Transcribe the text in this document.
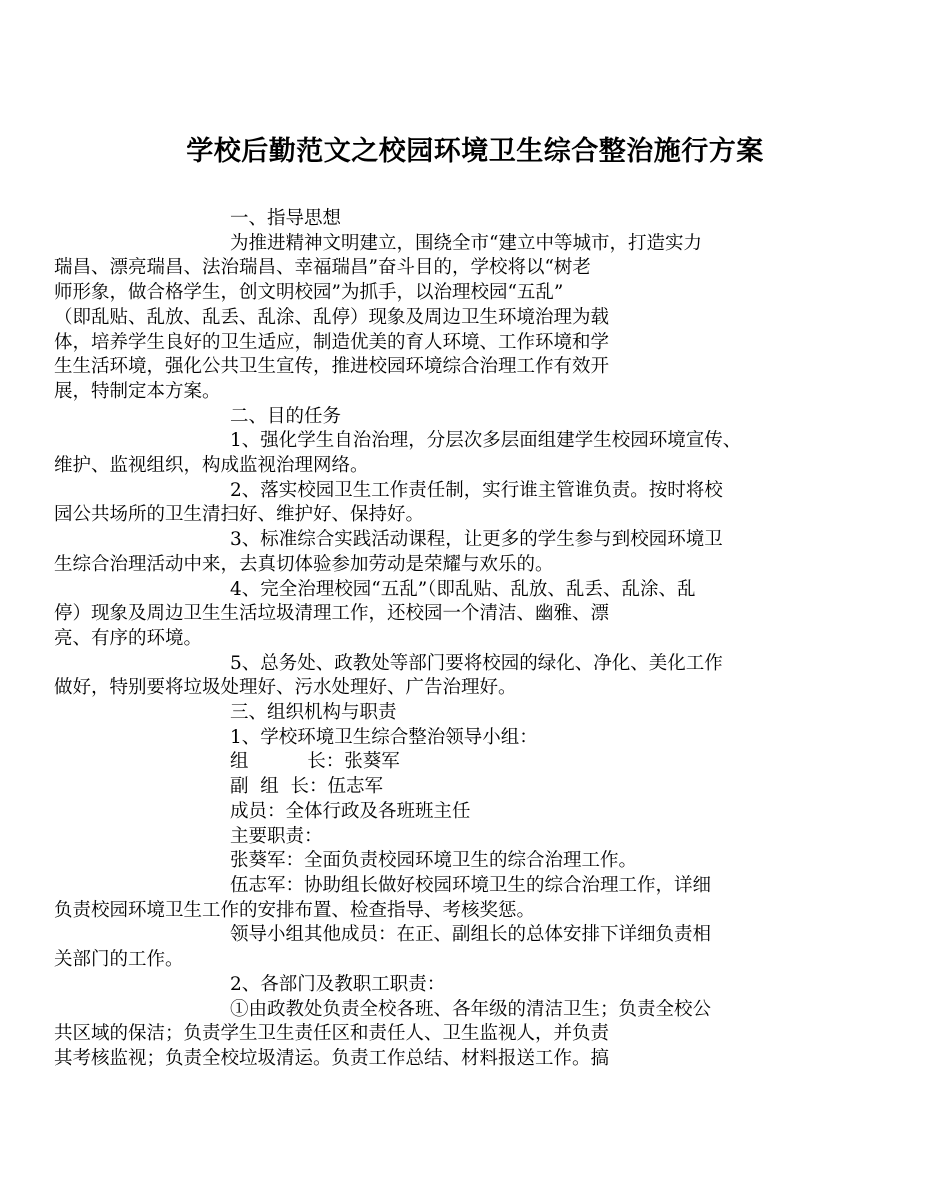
学校后勤范文之校园环境卫生综合整治施行方案

一、指导思想

为推进精神文明建立，围绕全市“建立中等城市，打造实力
瑞昌、漂亮瑞昌、法治瑞昌、幸福瑞昌”奋斗目的，学校将以“树老
师形象，做合格学生，创文明校园”为抓手，以治理校园“五乱”
（即乱贴、乱放、乱丢、乱涂、乱停）现象及周边卫生环境治理为载
体，培养学生良好的卫生适应，制造优美的育人环境、工作环境和学
生生活环境，强化公共卫生宣传，推进校园环境综合治理工作有效开
展，特制定本方案。

二、目的任务

1、强化学生自治治理，分层次多层面组建学生校园环境宣传、
维护、监视组织，构成监视治理网络。

2、落实校园卫生工作责任制，实行谁主管谁负责。按时将校
园公共场所的卫生清扫好、维护好、保持好。

3、标准综合实践活动课程，让更多的学生参与到校园环境卫
生综合治理活动中来，去真切体验参加劳动是荣耀与欢乐的。

4、完全治理校园“五乱”（即乱贴、乱放、乱丢、乱涂、乱
停）现象及周边卫生生活垃圾清理工作，还校园一个清洁、幽雅、漂
亮、有序的环境。

5、总务处、政教处等部门要将校园的绿化、净化、美化工作
做好，特别要将垃圾处理好、污水处理好、广告治理好。

三、组织机构与职责

1、学校环境卫生综合整治领导小组：

组          长：张葵军

副  组  长：伍志军

成员：全体行政及各班班主任

主要职责：

张葵军：全面负责校园环境卫生的综合治理工作。

伍志军：协助组长做好校园环境卫生的综合治理工作，详细
负责校园环境卫生工作的安排布置、检查指导、考核奖惩。

领导小组其他成员：在正、副组长的总体安排下详细负责相
关部门的工作。

2、各部门及教职工职责：

①由政教处负责全校各班、各年级的清洁卫生；负责全校公
共区域的保洁；负责学生卫生责任区和责任人、卫生监视人，并负责
其考核监视；负责全校垃圾清运。负责工作总结、材料报送工作。搞
